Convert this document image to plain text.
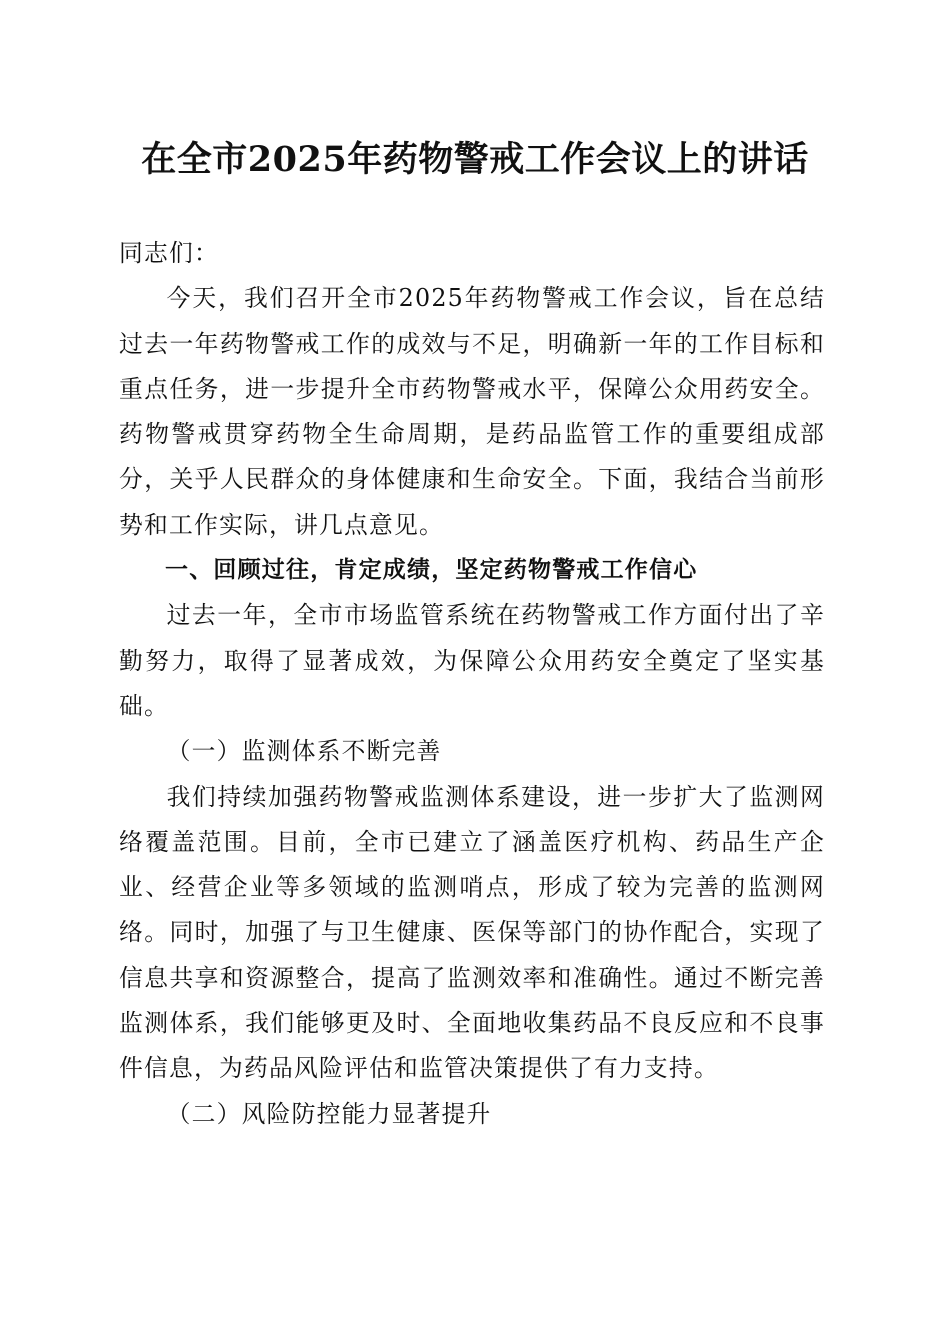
在全市2025年药物警戒工作会议上的讲话

同志们：

今天，我们召开全市2025年药物警戒工作会议，旨在总结过去一年药物警戒工作的成效与不足，明确新一年的工作目标和重点任务，进一步提升全市药物警戒水平，保障公众用药安全。药物警戒贯穿药物全生命周期，是药品监管工作的重要组成部分，关乎人民群众的身体健康和生命安全。下面，我结合当前形势和工作实际，讲几点意见。

一、回顾过往，肯定成绩，坚定药物警戒工作信心

过去一年，全市市场监管系统在药物警戒工作方面付出了辛勤努力，取得了显著成效，为保障公众用药安全奠定了坚实基础。

（一）监测体系不断完善

我们持续加强药物警戒监测体系建设，进一步扩大了监测网络覆盖范围。目前，全市已建立了涵盖医疗机构、药品生产企业、经营企业等多领域的监测哨点，形成了较为完善的监测网络。同时，加强了与卫生健康、医保等部门的协作配合，实现了信息共享和资源整合，提高了监测效率和准确性。通过不断完善监测体系，我们能够更及时、全面地收集药品不良反应和不良事件信息，为药品风险评估和监管决策提供了有力支持。

（二）风险防控能力显著提升
